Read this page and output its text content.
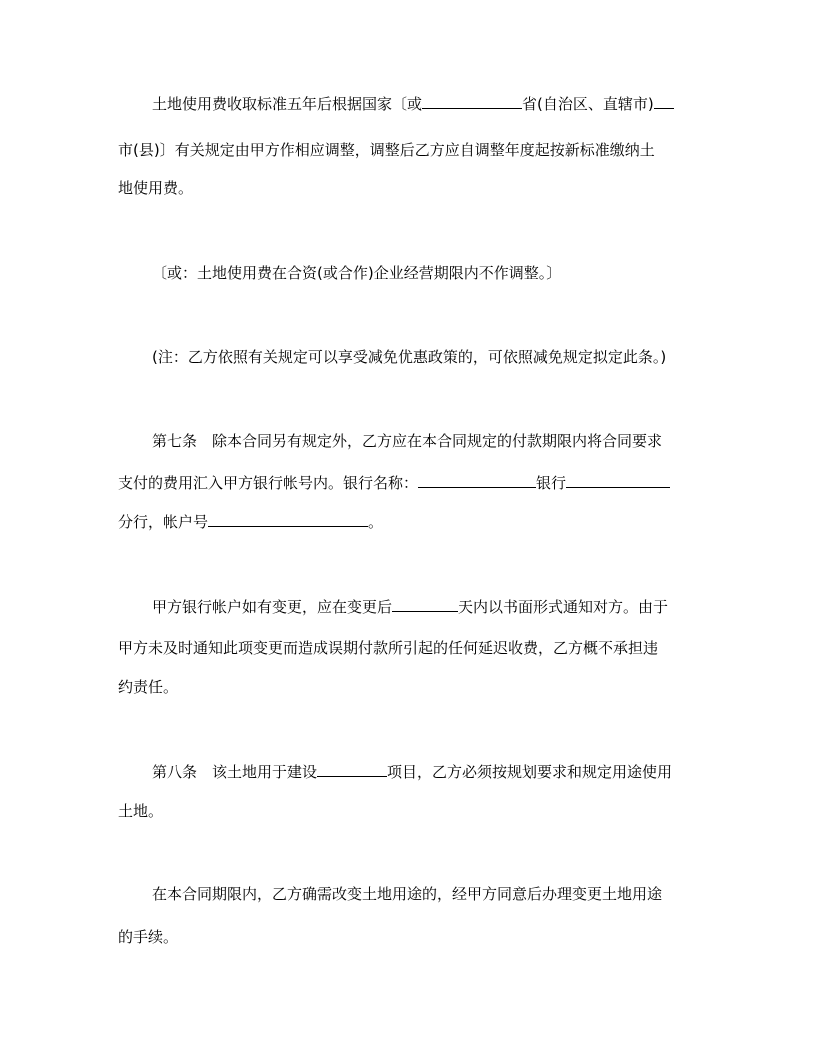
土地使用费收取标准五年后根据国家〔或	省(自治区、直辖市)
市(县)〕有关规定由甲方作相应调整，调整后乙方应自调整年度起按新标准缴纳土
地使用费。
〔或：土地使用费在合资(或合作)企业经营期限内不作调整。〕
(注：乙方依照有关规定可以享受减免优惠政策的，可依照减免规定拟定此条。)
第七条　除本合同另有规定外，乙方应在本合同规定的付款期限内将合同要求
支付的费用汇入甲方银行帐号内。银行名称：	银行
分行，帐户号	。
甲方银行帐户如有变更，应在变更后	天内以书面形式通知对方。由于
甲方未及时通知此项变更而造成误期付款所引起的任何延迟收费，乙方概不承担违
约责任。
第八条　该土地用于建设	项目，乙方必须按规划要求和规定用途使用
土地。
在本合同期限内，乙方确需改变土地用途的，经甲方同意后办理变更土地用途
的手续。
